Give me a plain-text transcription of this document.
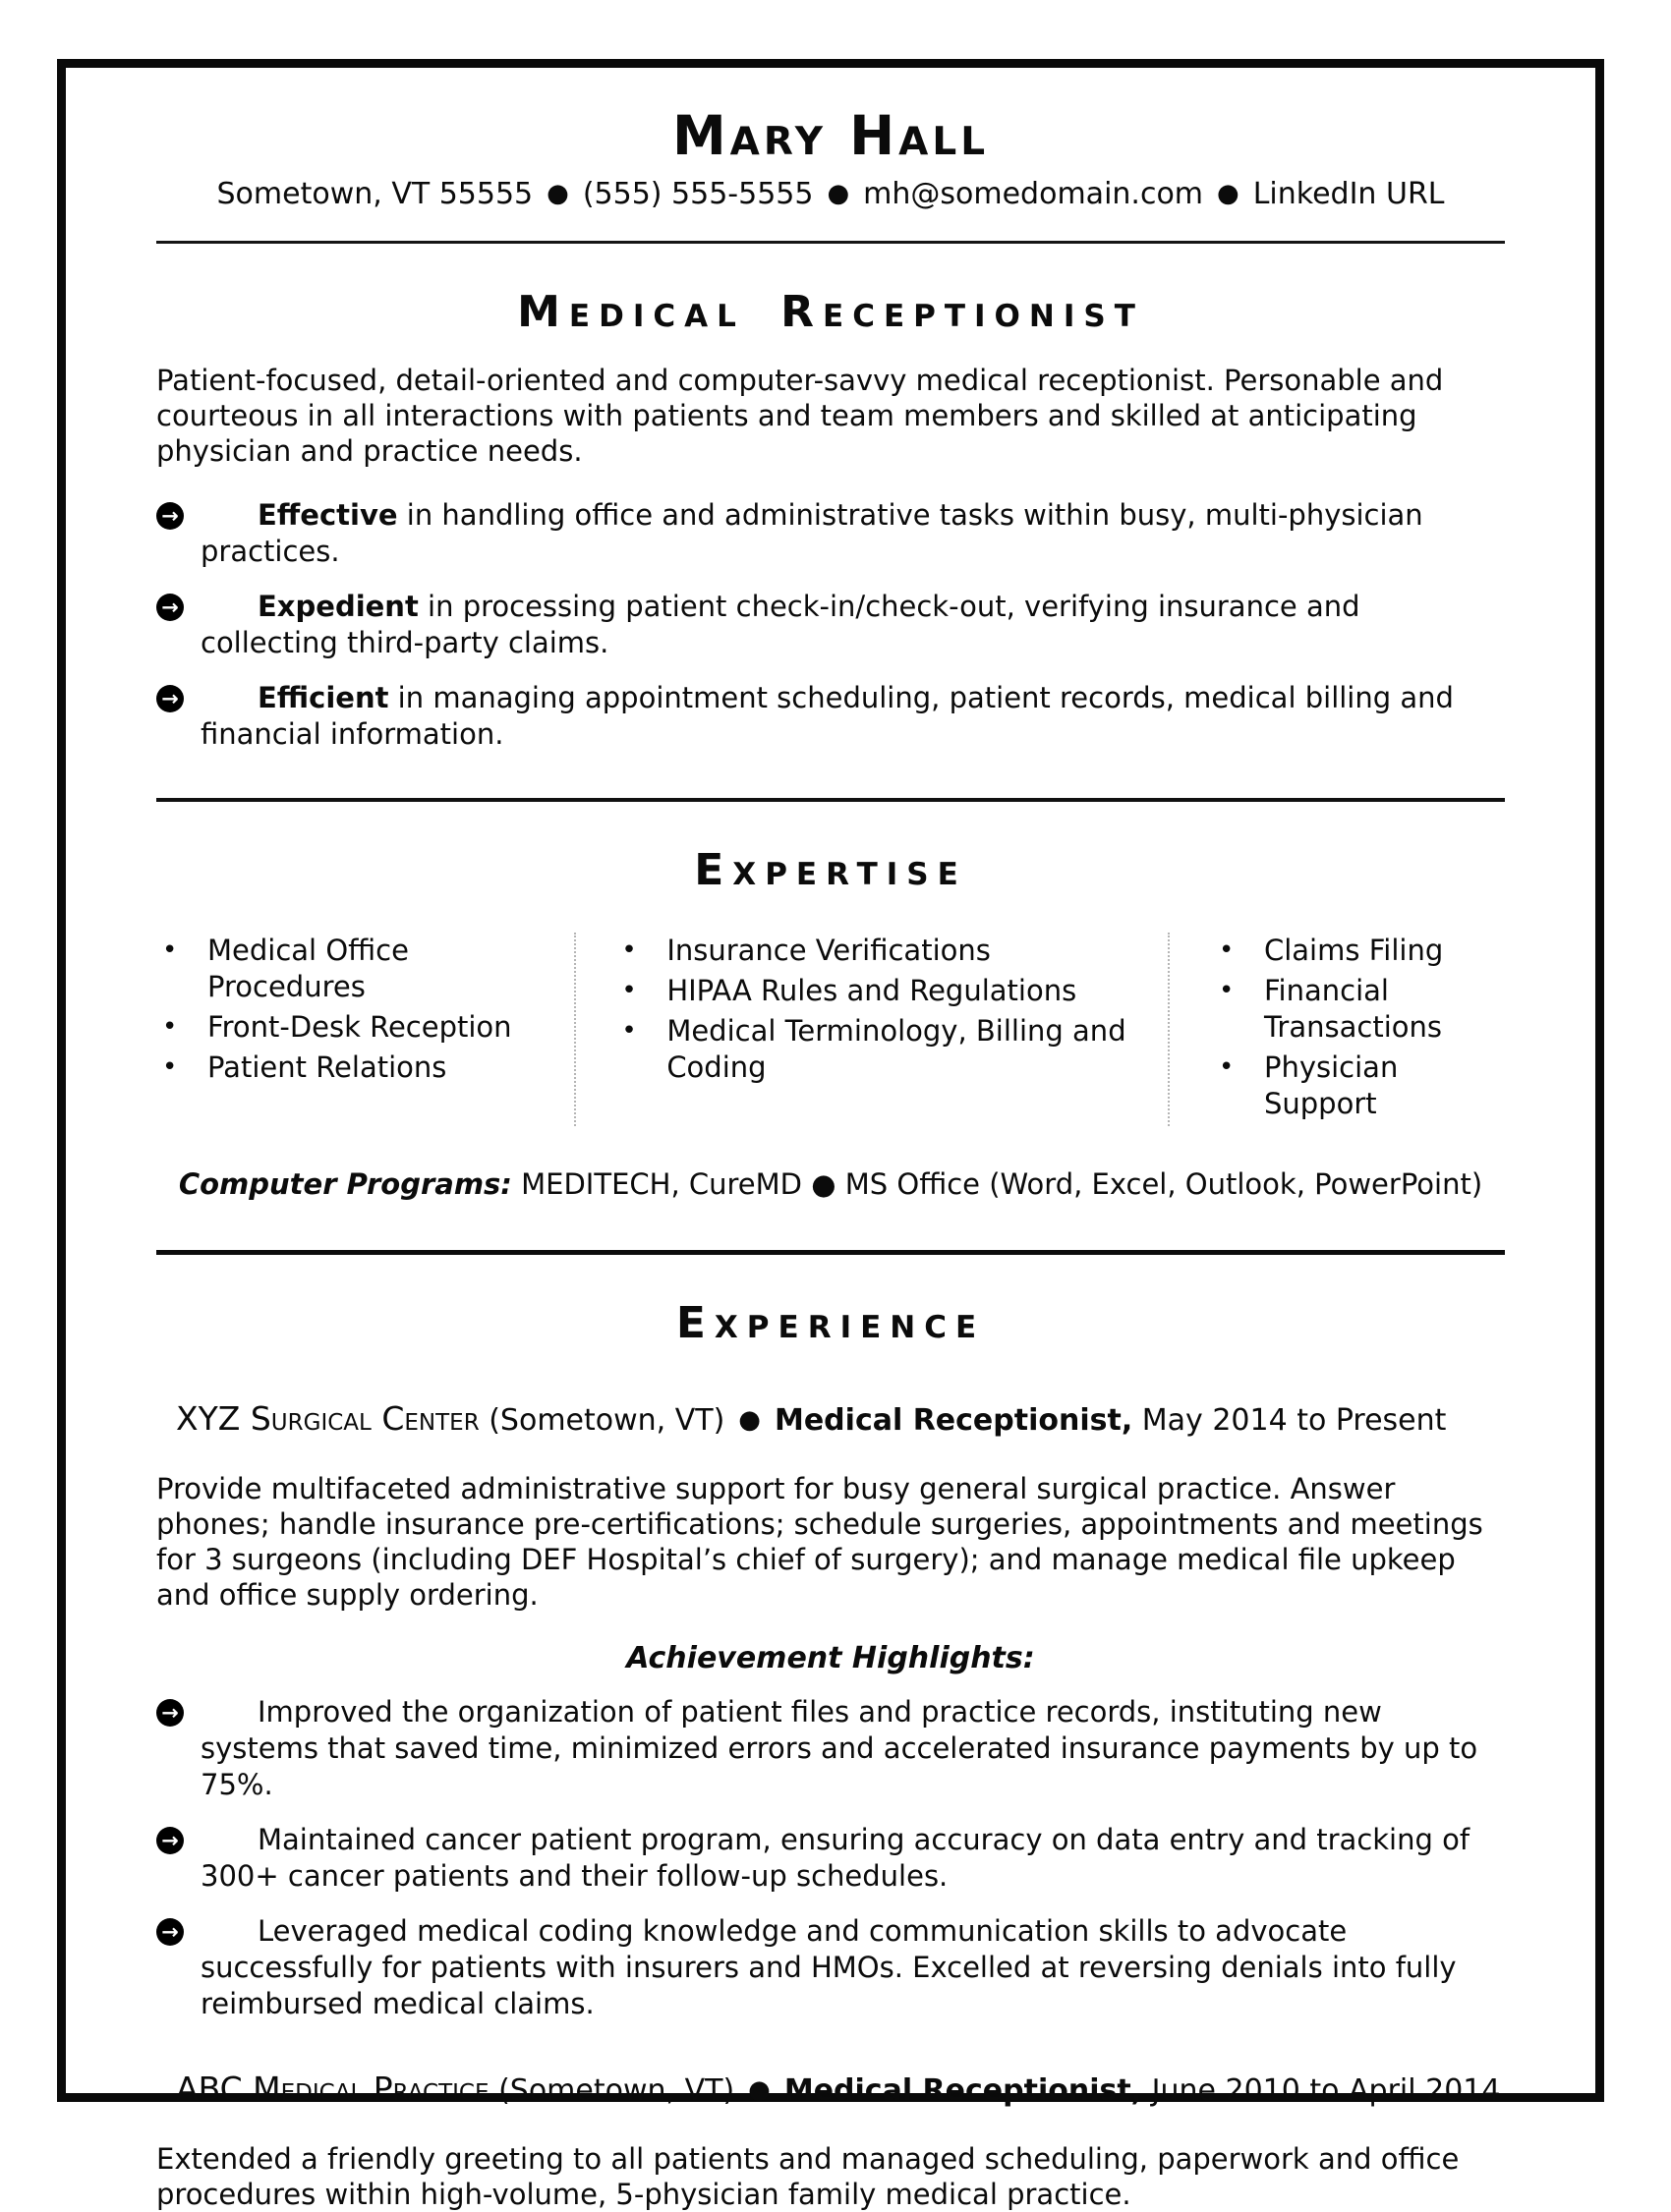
Mary Hall
Sometown, VT 55555 ● (555) 555-5555 ● mh@somedomain.com ● LinkedIn URL
Medical Receptionist

Patient-focused, detail-oriented and computer-savvy medical receptionist. Personable and courteous in all interactions with patients and team members and skilled at anticipating physician and practice needs.

→	Effective in handling office and administrative tasks within busy, multi-physician practices.
→	Expedient in processing patient check-in/check-out, verifying insurance and collecting third-party claims.
→	Efficient in managing appointment scheduling, patient records, medical billing and financial information.
Expertise
•	Medical Office Procedures
•	Front-Desk Reception
•	Patient Relations
•	Insurance Verifications
•	HIPAA Rules and Regulations
•	Medical Terminology, Billing and Coding
•	Claims Filing
•	Financial Transactions
•	Physician Support
Computer Programs: MEDITECH, CureMD ● MS Office (Word, Excel, Outlook, PowerPoint)
Experience

XYZ Surgical Center (Sometown, VT) ● Medical Receptionist, May 2014 to Present

Provide multifaceted administrative support for busy general surgical practice. Answer phones; handle insurance pre-certifications; schedule surgeries, appointments and meetings for 3 surgeons (including DEF Hospital’s chief of surgery); and manage medical file upkeep and office supply ordering.

Achievement Highlights:
→	Improved the organization of patient files and practice records, instituting new systems that saved time, minimized errors and accelerated insurance payments by up to 75%.
→	Maintained cancer patient program, ensuring accuracy on data entry and tracking of 300+ cancer patients and their follow-up schedules.
→	Leveraged medical coding knowledge and communication skills to advocate successfully for patients with insurers and HMOs. Excelled at reversing denials into fully reimbursed medical claims.

ABC Medical Practice (Sometown, VT) ● Medical Receptionist, June 2010 to April 2014

Extended a friendly greeting to all patients and managed scheduling, paperwork and office procedures within high-volume, 5-physician family medical practice.
